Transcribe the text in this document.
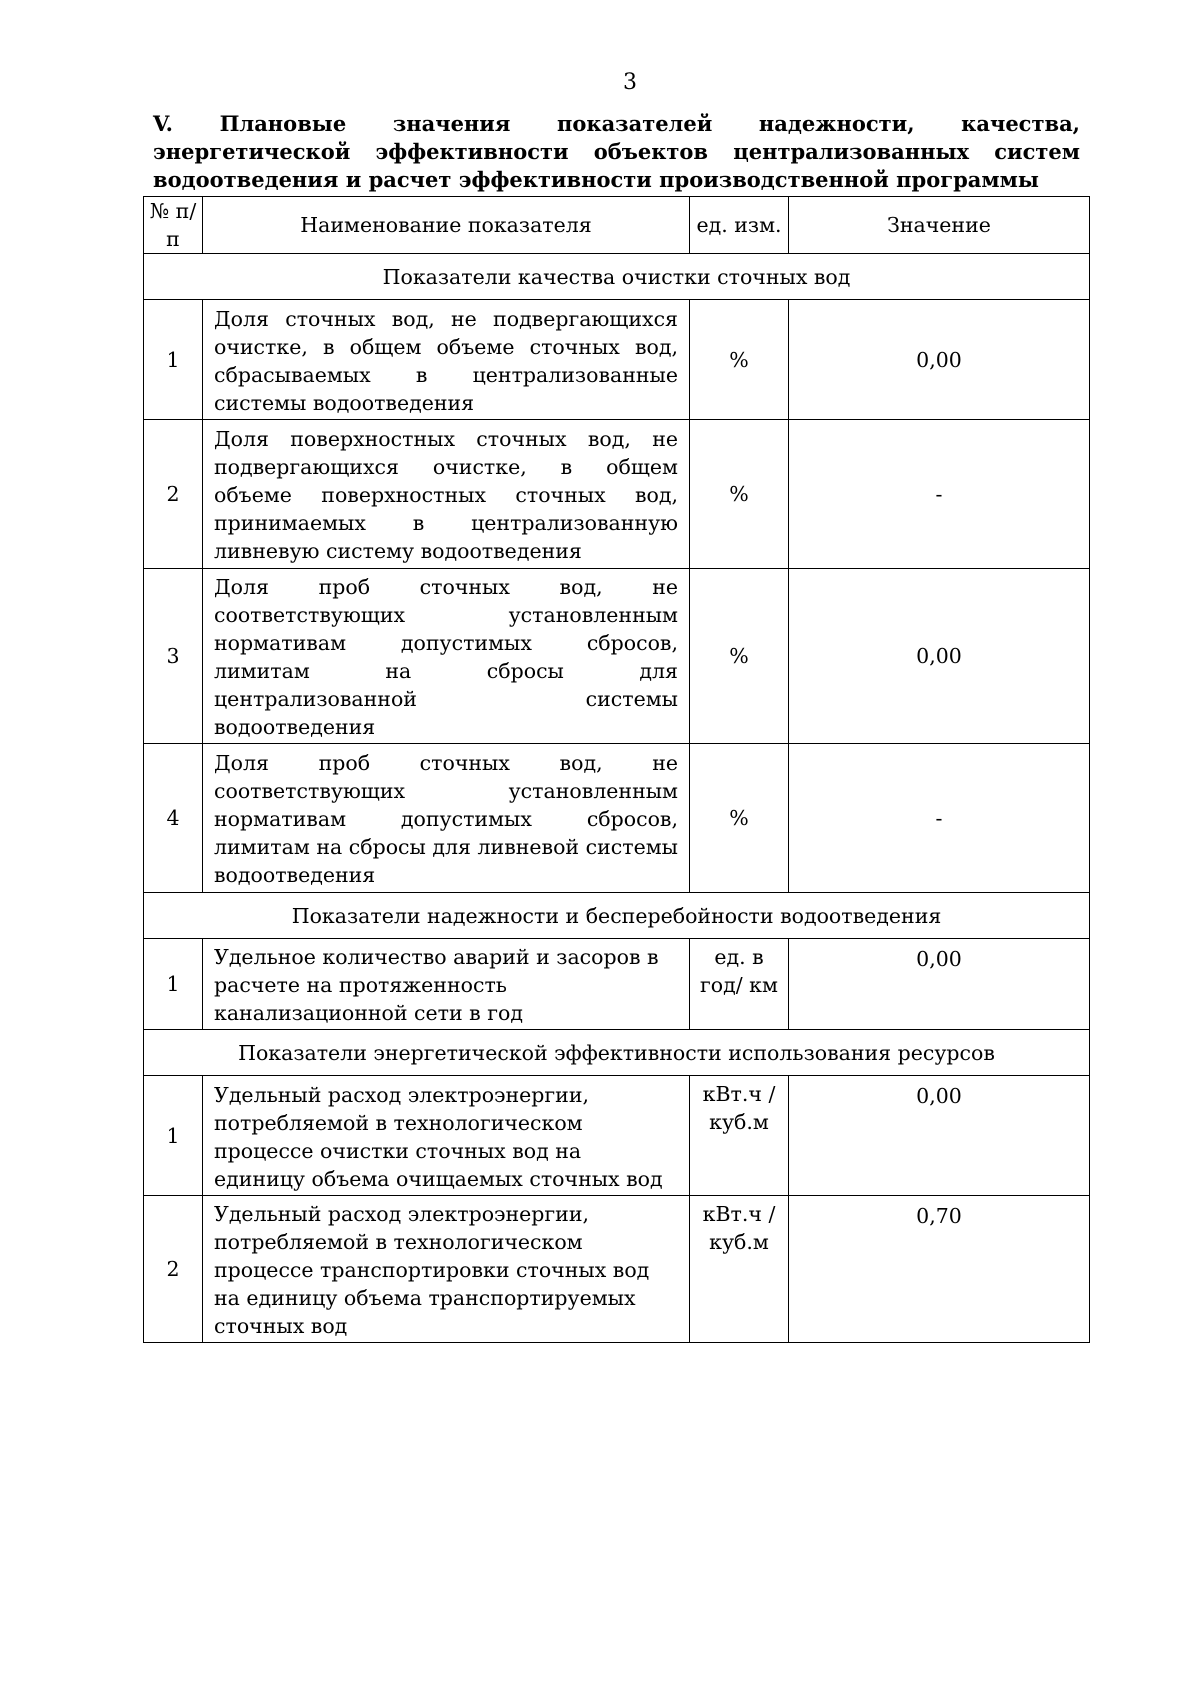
3
V. Плановые значения показателей надежности, качества, энергетической эффективности объектов централизованных систем водоотведения и расчет эффективности производственной программы
№ п/п	Наименование показателя	ед. изм.	Значение
Показатели качества очистки сточных вод			
1	Доля сточных вод, не подвергающихся очистке, в общем объеме сточных вод, сбрасываемых в централизованные системы водоотведения	%	0,00
2	Доля поверхностных сточных вод, не подвергающихся очистке, в общем объеме поверхностных сточных вод, принимаемых в централизованную ливневую систему водоотведения	%	-
3	Доля проб сточных вод, не соответствующих установленным нормативам допустимых сбросов, лимитам на сбросы для централизованной системы водоотведения	%	0,00
4	Доля проб сточных вод, не соответствующих установленным нормативам допустимых сбросов, лимитам на сбросы для ливневой системы водоотведения	%	-
Показатели надежности и бесперебойности водоотведения			
1	Удельное количество аварий и засоров в расчете на протяженность канализационной сети в год	ед. в год/ км	0,00
Показатели энергетической эффективности использования ресурсов			
1	Удельный расход электроэнергии, потребляемой в технологическом процессе очистки сточных вод на единицу объема очищаемых сточных вод	кВт.ч / куб.м	0,00
2	Удельный расход электроэнергии, потребляемой в технологическом процессе транспортировки сточных вод на единицу объема транспортируемых сточных вод	кВт.ч / куб.м	0,70
